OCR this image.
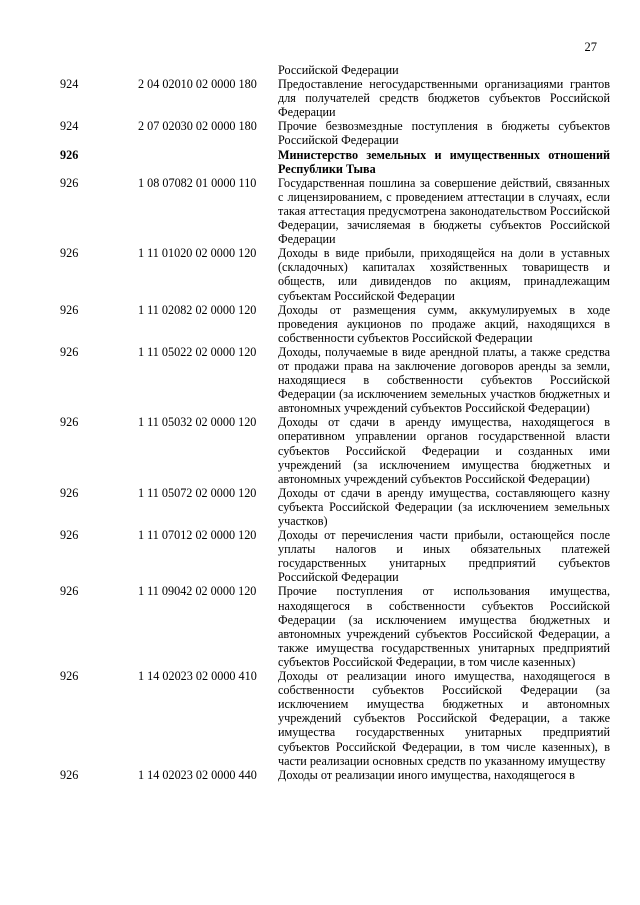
27
		Российской Федерации
924	2 04 02010 02 0000 180	Предоставление негосударственными организациями грантов для получателей средств бюджетов субъектов Российской Федерации
924	2 07 02030 02 0000 180	Прочие безвозмездные поступления в бюджеты субъектов Российской Федерации
926		Министерство земельных и имущественных отношений Республики Тыва
926	1 08 07082 01 0000 110	Государственная пошлина за совершение действий, связанных с лицензированием, с проведением аттестации в случаях, если такая аттестация предусмотрена законодательством Российской Федерации, зачисляемая в бюджеты субъектов Российской Федерации
926	1 11 01020 02 0000 120	Доходы в виде прибыли, приходящейся на доли в уставных (складочных) капиталах хозяйственных товариществ и обществ, или дивидендов по акциям, принадлежащим субъектам Российской Федерации
926	1 11 02082 02 0000 120	Доходы от размещения сумм, аккумулируемых в ходе проведения аукционов по продаже акций, находящихся в собственности субъектов Российской Федерации
926	1 11 05022 02 0000 120	Доходы, получаемые в виде арендной платы, а также средства от продажи права на заключение договоров аренды за земли, находящиеся в собственности субъектов Российской Федерации (за исключением земельных участков бюджетных и автономных учреждений субъектов Российской Федерации)
926	1 11 05032 02 0000 120	Доходы от сдачи в аренду имущества, находящегося в оперативном управлении органов государственной власти субъектов Российской Федерации и созданных ими учреждений (за исключением имущества бюджетных и автономных учреждений субъектов Российской Федерации)
926	1 11 05072 02 0000 120	Доходы от сдачи в аренду имущества, составляющего казну субъекта Российской Федерации (за исключением земельных участков)
926	1 11 07012 02 0000 120	Доходы от перечисления части прибыли, остающейся после уплаты налогов и иных обязательных платежей государственных унитарных предприятий субъектов Российской Федерации
926	1 11 09042 02 0000 120	Прочие поступления от использования имущества, находящегося в собственности субъектов Российской Федерации (за исключением имущества бюджетных и автономных учреждений субъектов Российской Федерации, а также имущества государственных унитарных предприятий субъектов Российской Федерации, в том числе казенных)
926	1 14 02023 02 0000 410	Доходы от реализации иного имущества, находящегося в собственности субъектов Российской Федерации (за исключением имущества бюджетных и автономных учреждений субъектов Российской Федерации, а также имущества государственных унитарных предприятий субъектов Российской Федерации, в том числе казенных), в части реализации основных средств по указанному имуществу
926	1 14 02023 02 0000 440	Доходы от реализации иного имущества, находящегося в
